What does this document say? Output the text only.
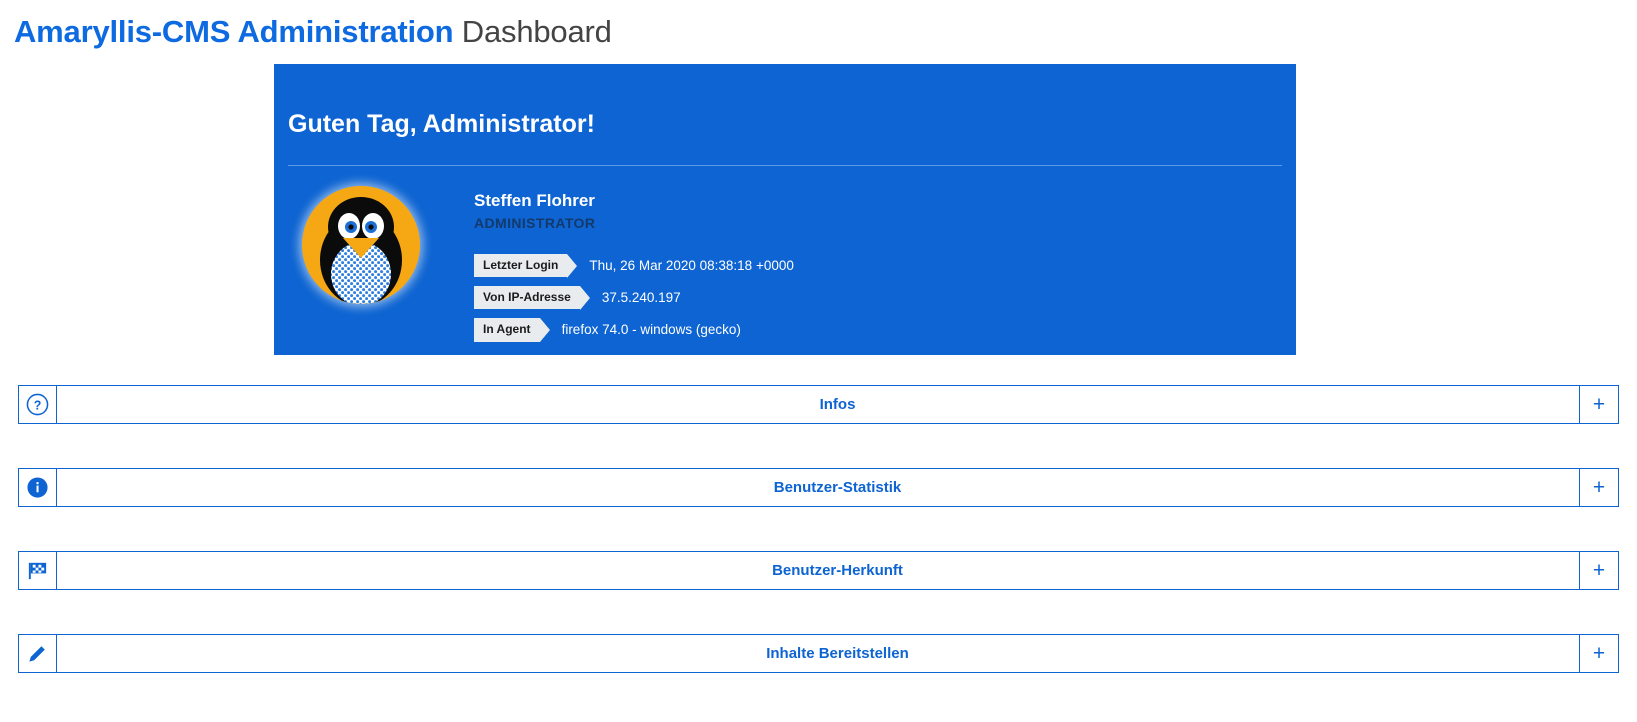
Amaryllis-CMS Administration Dashboard
Guten Tag, Administrator!
Steffen Flohrer
ADMINISTRATOR
Letzter Login	Thu, 26 Mar 2020 08:38:18 +0000
Von IP-Adresse	37.5.240.197
In Agent	firefox 74.0 - windows (gecko)
?	Infos	+
Benutzer-Statistik	+
Benutzer-Herkunft	+
Inhalte Bereitstellen	+
